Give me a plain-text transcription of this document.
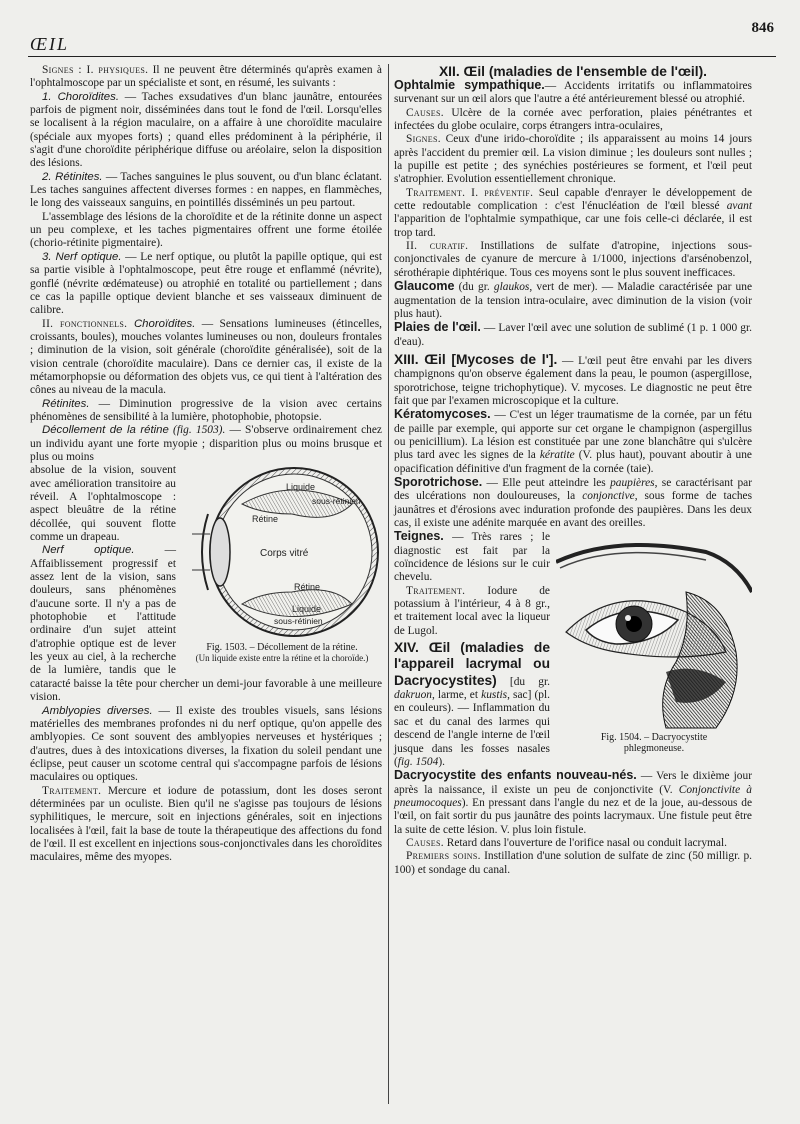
ŒIL
846

Signes : I. physiques. Il ne peuvent être déterminés qu'après examen à l'ophtalmoscope par un spécialiste et sont, en résumé, les suivants :

1. Choroïdites. — Taches exsudatives d'un blanc jaunâtre, entourées parfois de pigment noir, disséminées dans tout le fond de l'œil. Lorsqu'elles se localisent à la région maculaire, on a affaire à une choroïdite maculaire (spéciale aux myopes forts) ; quand elles prédominent à la périphérie, il s'agit d'une choroïdite périphérique diffuse ou aréolaire, selon la disposition des lésions.

2. Rétinites. — Taches sanguines le plus souvent, ou d'un blanc éclatant. Les taches sanguines affectent diverses formes : en nappes, en flammèches, le long des vaisseaux sanguins, en pointillés disséminés un peu partout.

L'assemblage des lésions de la choroïdite et de la rétinite donne un aspect un peu complexe, et les taches pigmentaires offrent une forme étoilée (chorio-rétinite pigmentaire).

3. Nerf optique. — Le nerf optique, ou plutôt la papille optique, qui est sa partie visible à l'ophtalmoscope, peut être rouge et enflammé (névrite), gonflé (névrite œdémateuse) ou atrophié en totalité ou partiellement ; dans ce cas la papille optique devient blanche et ses vaisseaux diminuent de calibre.

II. fonctionnels. Choroïdites. — Sensations lumineuses (étincelles, croissants, boules), mouches volantes lumineuses ou non, douleurs frontales ; diminution de la vision, soit générale (choroïdite généralisée), soit de la vision centrale (choroïdite maculaire). Dans ce dernier cas, il existe de la métamorphopsie ou déformation des objets vus, ce qui tient à l'altération des cônes au niveau de la macula.

Rétinites. — Diminution progressive de la vision avec certains phénomènes de sensibilité à la lumière, photophobie, photopsie.

Décollement de la rétine (fig. 1503). — S'observe ordinairement chez un individu ayant une forte myopie ; disparition plus ou moins brusque et plus ou moins

Liquide
sous-rétinien
Rétine
Corps vitré
Rétine
Liquide
sous-rétinien
Fig. 1503. – Décollement de la rétine.
(Un liquide existe entre la rétine et la choroïde.)

absolue de la vision, souvent avec amélioration transitoire au réveil. A l'ophtalmoscope : aspect bleuâtre de la rétine décollée, qui souvent flotte comme un drapeau.

Nerf optique. — Affaiblissement progressif et assez lent de la vision, sans douleurs, sans phénomènes d'aucune sorte. Il n'y a pas de photophobie et l'attitude ordinaire d'un sujet atteint d'atrophie optique est de lever les yeux au ciel, à la recherche de la lumière, tandis que le cataracté baisse la tête pour chercher un demi-jour favorable à une meilleure vision.

Amblyopies diverses. — Il existe des troubles visuels, sans lésions matérielles des membranes profondes ni du nerf optique, qu'on appelle des amblyopies. Ce sont souvent des amblyopies nerveuses et hystériques ; d'autres, dues à des intoxications diverses, la fixation du soleil pendant une éclipse, peut causer un scotome central qui s'accompagne parfois de lésions maculaires ou optiques.

Traitement. Mercure et iodure de potassium, dont les doses seront déterminées par un oculiste. Bien qu'il ne s'agisse pas toujours de lésions syphilitiques, le mercure, soit en injections générales, soit en injections localisées à l'œil, fait la base de toute la thérapeutique des affections du fond de l'œil. Il est excellent en injections sous-conjonctivales dans les choroïdites maculaires, même des myopes.

XII. Œil (maladies de l'ensemble de l'œil).

Ophtalmie sympathique.— Accidents irritatifs ou inflammatoires survenant sur un œil alors que l'autre a été antérieurement blessé ou atrophié.

Causes. Ulcère de la cornée avec perforation, plaies pénétrantes et infectées du globe oculaire, corps étrangers intra-oculaires,

Signes. Ceux d'une irido-choroïdite ; ils apparaissent au moins 14 jours après l'accident du premier œil. La vision diminue ; les douleurs sont nulles ; la pupille est petite ; des synéchies postérieures se forment, et l'œil peut s'atrophier. Evolution essentiellement chronique.

Traitement. I. préventif. Seul capable d'enrayer le développement de cette redoutable complication : c'est l'énucléation de l'œil blessé avant l'apparition de l'ophtalmie sympathique, car une fois celle-ci déclarée, il est trop tard.

II. curatif. Instillations de sulfate d'atropine, injections sous-conjonctivales de cyanure de mercure à 1/1000, injections d'arsénobenzol, sérothérapie diphtérique. Tous ces moyens sont le plus souvent inefficaces.

Glaucome (du gr. glaukos, vert de mer). — Maladie caractérisée par une augmentation de la tension intra-oculaire, avec diminution de la vision (voir plus haut).

Plaies de l'œil. — Laver l'œil avec une solution de sublimé (1 p. 1 000 gr. d'eau).

XIII. Œil [Mycoses de l']. — L'œil peut être envahi par les divers champignons qu'on observe également dans la peau, le poumon (aspergillose, sporotrichose, teigne trichophytique). V. mycoses. Le diagnostic ne peut être fait que par l'examen microscopique et la culture.

Kératomycoses. — C'est un léger traumatisme de la cornée, par un fétu de paille par exemple, qui apporte sur cet organe le champignon (aspergillus ou penicillium). La lésion est constituée par une zone blanchâtre qui s'ulcère plus tard avec les signes de la kératite (V. plus haut), pouvant aboutir à une opacification définitive d'un fragment de la cornée (taie).

Sporotrichose. — Elle peut atteindre les paupières, se caractérisant par des ulcérations non douloureuses, la conjonctive, sous forme de taches jaunâtres et d'érosions avec induration profonde des paupières. Dans les deux cas, il existe une adénite marquée en avant des oreilles.

Fig. 1504. – Dacryocystite
phlegmoneuse.

Teignes. — Très rares ; le diagnostic est fait par la coïncidence de lésions sur le cuir chevelu.

Traitement. Iodure de potassium à l'intérieur, 4 à 8 gr., et traitement local avec la liqueur de Lugol.

XIV. Œil (maladies de l'appareil lacrymal ou Dacryocystites) [du gr. dakruon, larme, et kustis, sac] (pl. en couleurs). — Inflammation du sac et du canal des larmes qui descend de l'angle interne de l'œil jusque dans les fosses nasales (fig. 1504).

Dacryocystite des enfants nouveau-nés. — Vers le dixième jour après la naissance, il existe un peu de conjonctivite (V. Conjonctivite à pneumocoques). En pressant dans l'angle du nez et de la joue, au-dessous de l'œil, on fait sortir du pus jaunâtre des points lacrymaux. Une fistule peut être la suite de cette lésion. V. plus loin fistule.

Causes. Retard dans l'ouverture de l'orifice nasal ou conduit lacrymal.

Premiers soins. Instillation d'une solution de sulfate de zinc (50 milligr. p. 100) et sondage du canal.
